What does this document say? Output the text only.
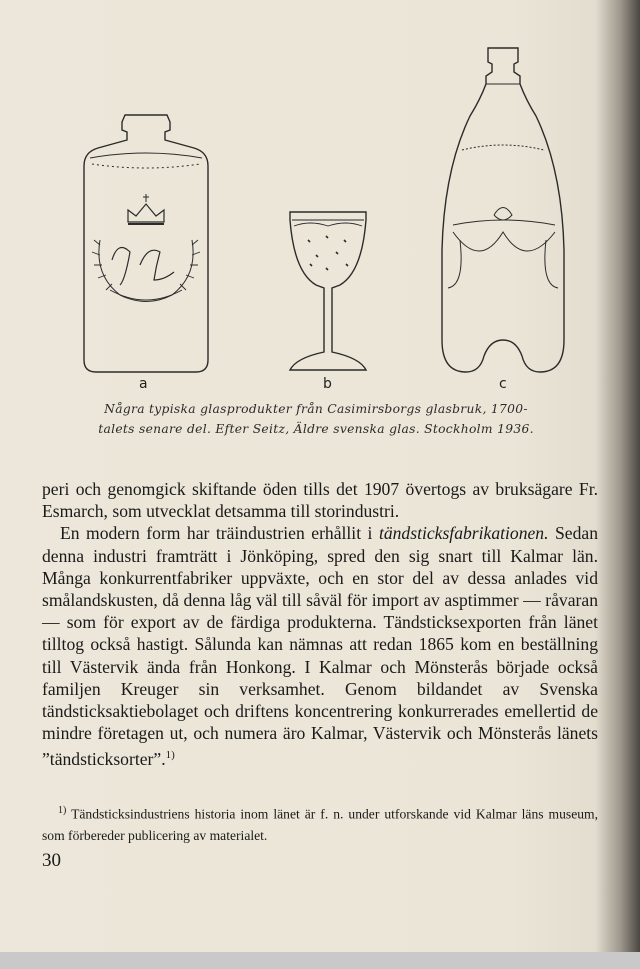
a	b	c
Några typiska glasprodukter från Casimirsborgs glasbruk, 1700-
talets senare del. Efter Seitz, Äldre svenska glas. Stockholm 1936.

peri och genomgick skiftande öden tills det 1907 övertogs av bruksägare Fr. Esmarch, som utvecklat detsamma till storindustri.

En modern form har träindustrien erhållit i tändsticksfabrikationen. Sedan denna industri framträtt i Jönköping, spred den sig snart till Kalmar län. Många konkurrentfabriker uppväxte, och en stor del av dessa anlades vid smålandskusten, då denna låg väl till såväl för import av asptimmer — råvaran — som för export av de färdiga produkterna. Tändsticksexporten från länet tilltog också hastigt. Sålunda kan nämnas att redan 1865 kom en beställning till Västervik ända från Honkong. I Kalmar och Mönsterås började också familjen Kreuger sin verksamhet. Genom bildandet av Svenska tändsticksaktiebolaget och driftens koncentrering konkurrerades emellertid de mindre företagen ut, och numera äro Kalmar, Västervik och Mönsterås länets ”tändsticksorter”.$^{1)}$

$^{1)}$ Tändsticksindustriens historia inom länet är f. n. under utforskande vid Kalmar läns museum, som förbereder publicering av materialet.
30
